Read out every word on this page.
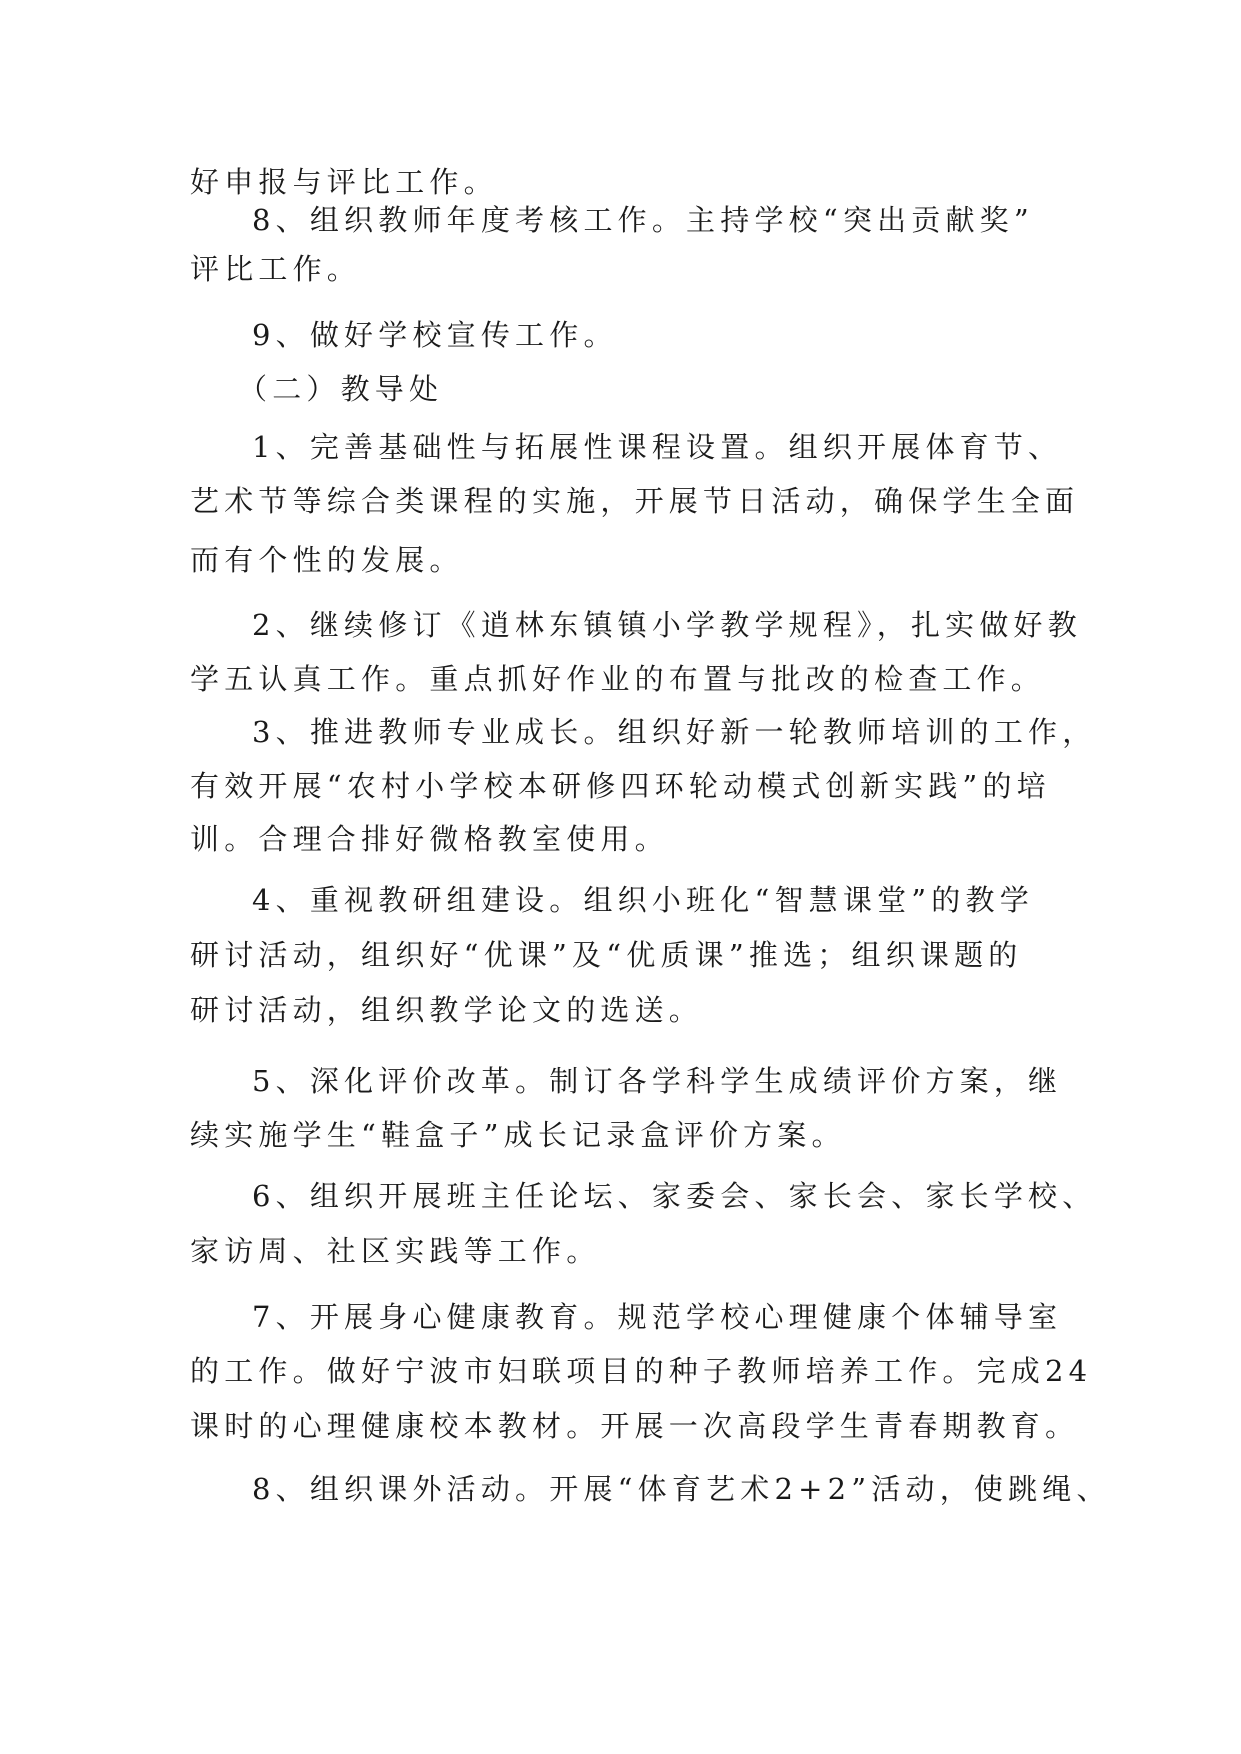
好申报与评比工作。
8、组织教师年度考核工作。主持学校“突出贡献奖”
评比工作。
9、做好学校宣传工作。
（二）教导处
1、完善基础性与拓展性课程设置。组织开展体育节、
艺术节等综合类课程的实施，开展节日活动，确保学生全面
而有个性的发展。
2、继续修订《逍林东镇镇小学教学规程》，扎实做好教
学五认真工作。重点抓好作业的布置与批改的检查工作。
3、推进教师专业成长。组织好新一轮教师培训的工作，
有效开展“农村小学校本研修四环轮动模式创新实践”的培
训。合理合排好微格教室使用。
4、重视教研组建设。组织小班化“智慧课堂”的教学
研讨活动，组织好“优课”及“优质课”推选；组织课题的
研讨活动，组织教学论文的选送。
5、深化评价改革。制订各学科学生成绩评价方案，继
续实施学生“鞋盒子”成长记录盒评价方案。
6、组织开展班主任论坛、家委会、家长会、家长学校、
家访周、社区实践等工作。
7、开展身心健康教育。规范学校心理健康个体辅导室
的工作。做好宁波市妇联项目的种子教师培养工作。完成24
课时的心理健康校本教材。开展一次高段学生青春期教育。
8、组织课外活动。开展“体育艺术2+2”活动，使跳绳、
